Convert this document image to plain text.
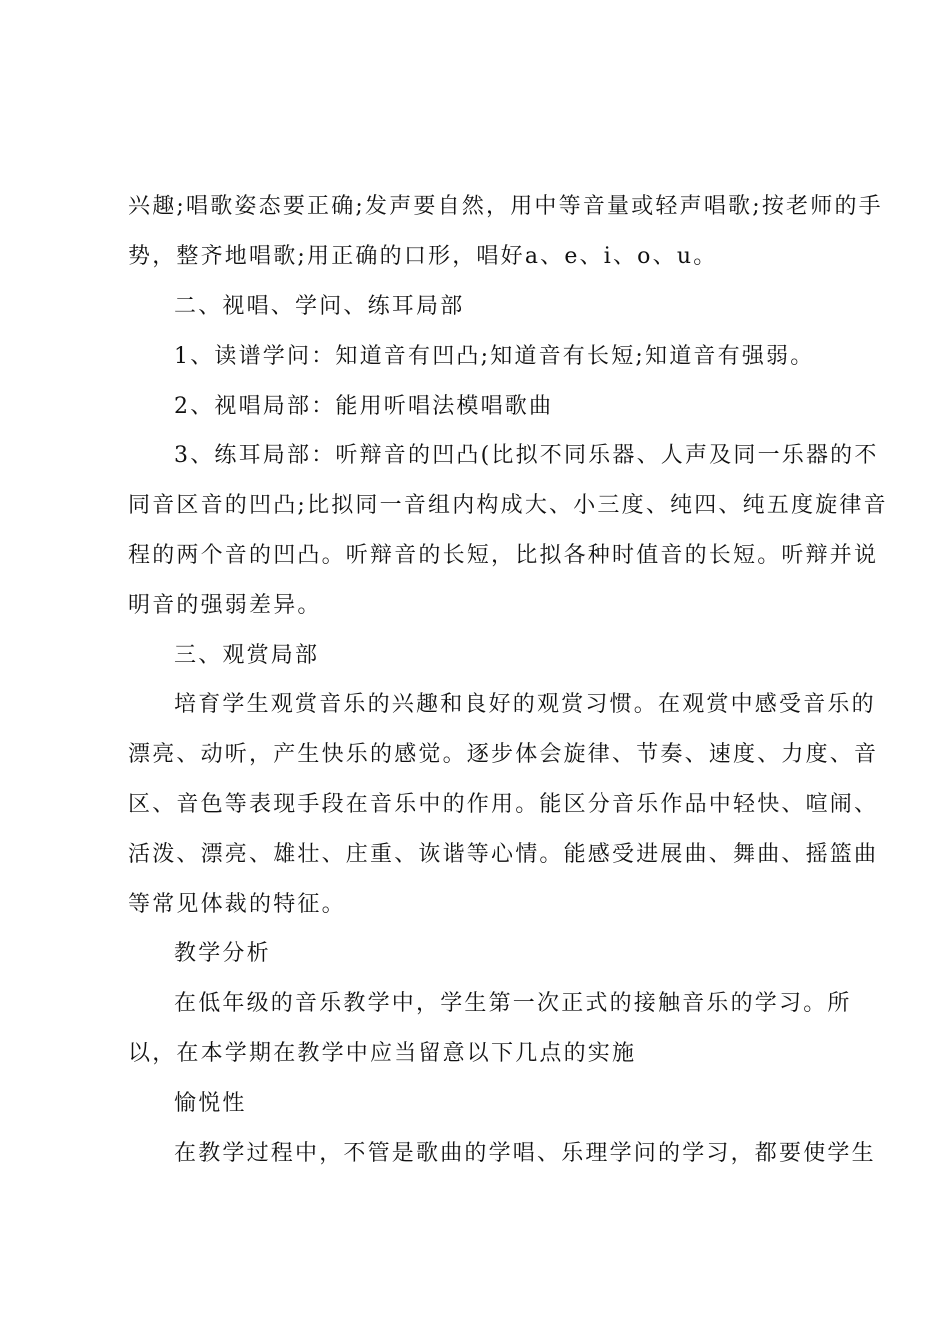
兴趣;唱歌姿态要正确;发声要自然，用中等音量或轻声唱歌;按老师的手
势，整齐地唱歌;用正确的口形，唱好a、e、i、o、u。
二、视唱、学问、练耳局部
1、读谱学问：知道音有凹凸;知道音有长短;知道音有强弱。
2、视唱局部：能用听唱法模唱歌曲
3、练耳局部：听辩音的凹凸(比拟不同乐器、人声及同一乐器的不
同音区音的凹凸;比拟同一音组内构成大、小三度、纯四、纯五度旋律音
程的两个音的凹凸。听辩音的长短，比拟各种时值音的长短。听辩并说
明音的强弱差异。
三、观赏局部
培育学生观赏音乐的兴趣和良好的观赏习惯。在观赏中感受音乐的
漂亮、动听，产生快乐的感觉。逐步体会旋律、节奏、速度、力度、音
区、音色等表现手段在音乐中的作用。能区分音乐作品中轻快、喧闹、
活泼、漂亮、雄壮、庄重、诙谐等心情。能感受进展曲、舞曲、摇篮曲
等常见体裁的特征。
教学分析
在低年级的音乐教学中，学生第一次正式的接触音乐的学习。所
以，在本学期在教学中应当留意以下几点的实施
愉悦性
在教学过程中，不管是歌曲的学唱、乐理学问的学习，都要使学生
